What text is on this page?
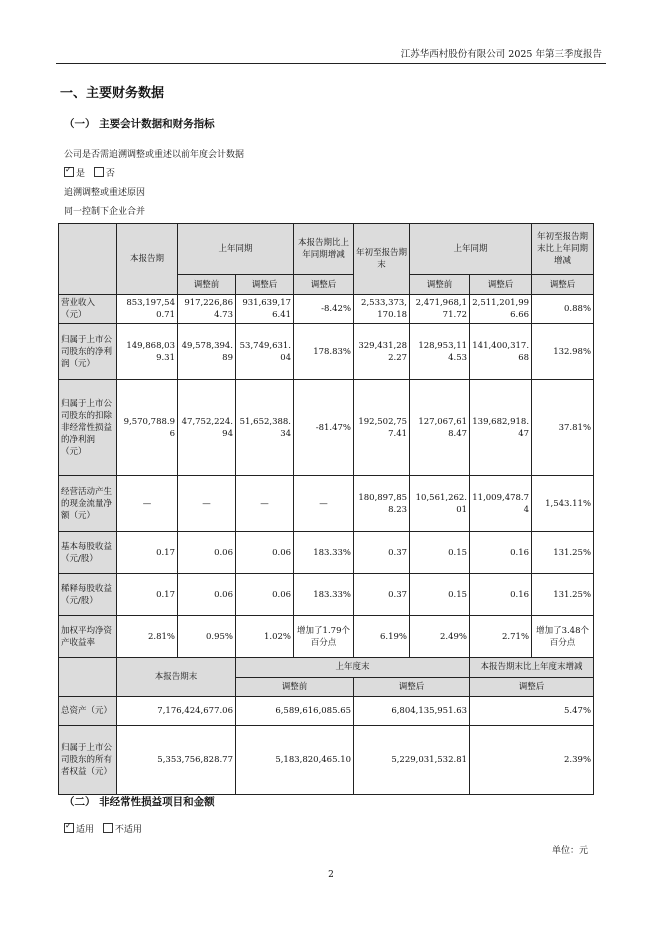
江苏华西村股份有限公司 2025 年第三季度报告
一、主要财务数据
（一） 主要会计数据和财务指标
公司是否需追溯调整或重述以前年度会计数据
✓是 否
追溯调整或重述原因
同一控制下企业合并
	本报告期	上年同期		本报告期比上年同期增减	年初至报告期末	上年同期		年初至报告期末比上年同期增减
		调整前	调整后	调整后		调整前	调整后	调整后
营业收入（元）	853,197,540.71	917,226,864.73	931,639,176.41	-8.42%	2,533,373,170.18	2,471,968,171.72	2,511,201,996.66	0.88%
归属于上市公司股东的净利润（元）	149,868,039.31	49,578,394.89	53,749,631.04	178.83%	329,431,282.27	128,953,114.53	141,400,317.68	132.98%
归属于上市公司股东的扣除非经常性损益的净利润（元）	9,570,788.96	47,752,224.94	51,652,388.34	-81.47%	192,502,757.41	127,067,618.47	139,682,918.47	37.81%
经营活动产生的现金流量净额（元）	—	—	—	—	180,897,858.23	10,561,262.01	11,009,478.74	1,543.11%
基本每股收益（元/股）	0.17	0.06	0.06	183.33%	0.37	0.15	0.16	131.25%
稀释每股收益（元/股）	0.17	0.06	0.06	183.33%	0.37	0.15	0.16	131.25%
加权平均净资产收益率	2.81%	0.95%	1.02%	增加了1.79个百分点	6.19%	2.49%	2.71%	增加了3.48个百分点
	本报告期末		上年度末				本报告期末比上年度末增减	
			调整前		调整后		调整后	
总资产（元）	7,176,424,677.06		6,589,616,085.65		6,804,135,951.63		5.47%	
归属于上市公司股东的所有者权益（元）	5,353,756,828.77		5,183,820,465.10		5,229,031,532.81		2.39%	
（二） 非经常性损益项目和金额
✓适用 不适用
单位：元
2
